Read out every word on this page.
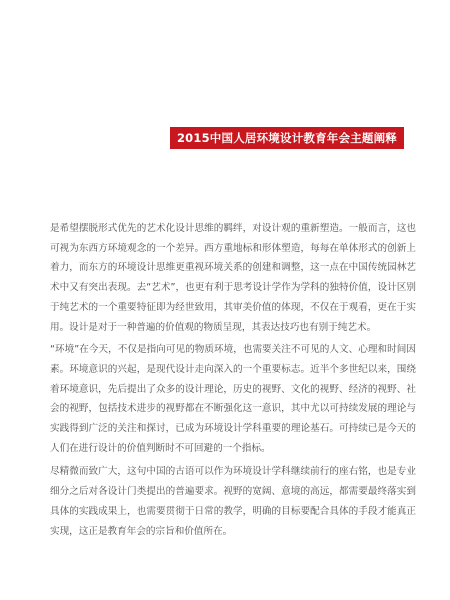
2015中国人居环境设计教育年会主题阐释

是希望摆脱形式优先的艺术化设计思维的羁绊，对设计观的重新塑造。一般而言，这也可视为东西方环境观念的一个差异。西方重地标和形体塑造，每每在单体形式的创新上着力，而东方的环境设计思维更重视环境关系的创建和调整，这一点在中国传统园林艺术中又有突出表现。去“艺术”，也更有利于思考设计学作为学科的独特价值，设计区别于纯艺术的一个重要特征即为经世致用，其审美价值的体现，不仅在于观看，更在于实用。设计是对于一种普遍的价值观的物质呈现，其表达技巧也有别于纯艺术。

“环境”在今天，不仅是指向可见的物质环境，也需要关注不可见的人文、心理和时间因素。环境意识的兴起，是现代设计走向深入的一个重要标志。近半个多世纪以来，围绕着环境意识，先后提出了众多的设计理论，历史的视野、文化的视野、经济的视野、社会的视野，包括技术进步的视野都在不断强化这一意识，其中尤以可持续发展的理论与实践得到广泛的关注和探讨，已成为环境设计学科重要的理论基石。可持续已是今天的人们在进行设计的价值判断时不可回避的一个指标。

尽精微而致广大，这句中国的古语可以作为环境设计学科继续前行的座右铭，也是专业细分之后对各设计门类提出的普遍要求。视野的宽阔、意境的高远，都需要最终落实到具体的实践成果上，也需要贯彻于日常的教学，明确的目标要配合具体的手段才能真正实现，这正是教育年会的宗旨和价值所在。
